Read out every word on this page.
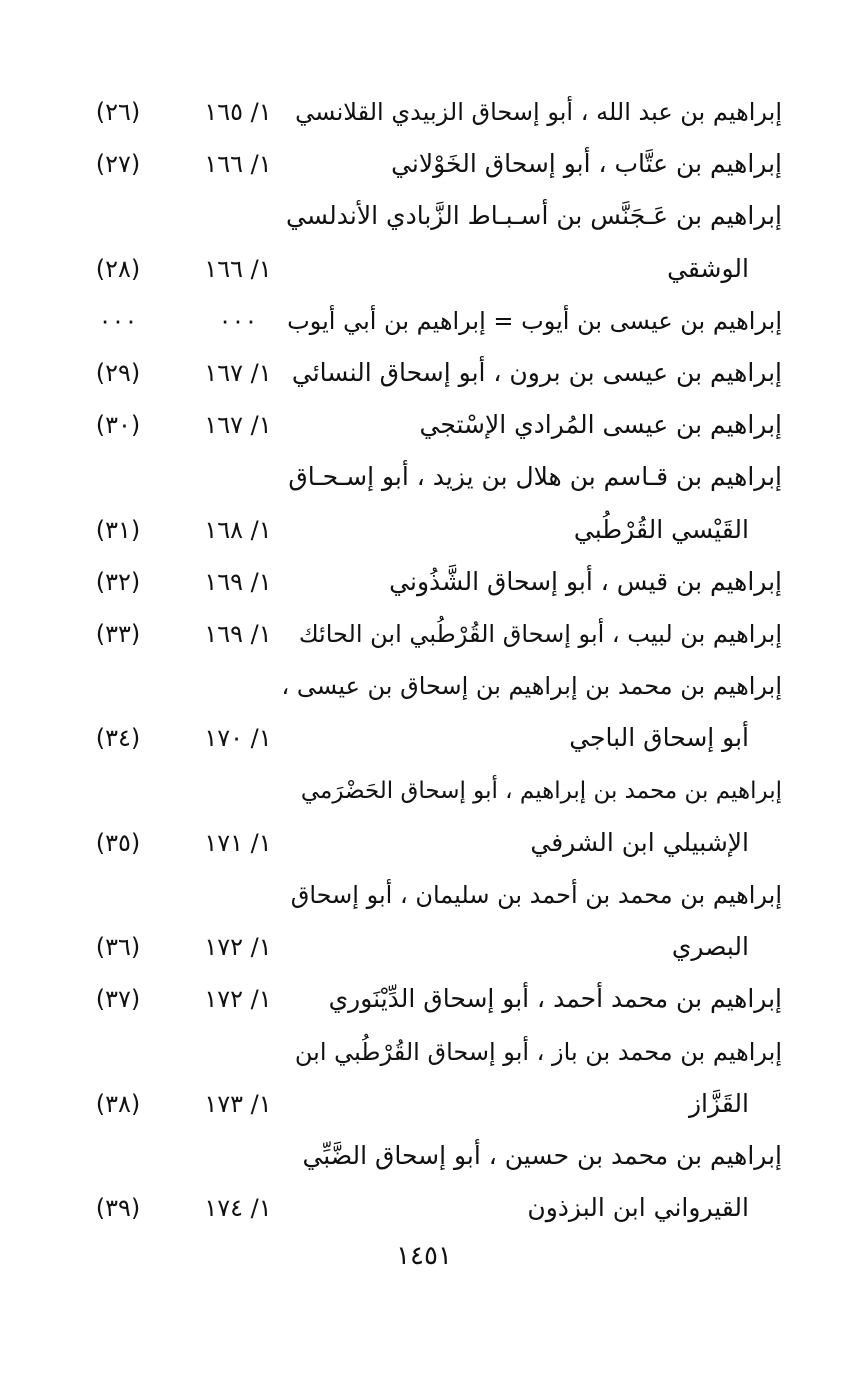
إبراهيم بن عبد الله ، أبو إسحاق الزبيدي القلانسي
١/ ١٦٥
(٢٦)
إبراهيم بن عتَّاب ، أبو إسحاق الخَوْلاني
١/ ١٦٦
(٢٧)
إبراهيم بن عَـجَنَّس بن أسـبـاط الزَّبادي الأندلسي
الوشقي
١/ ١٦٦
(٢٨)
إبراهيم بن عيسى بن أيوب = إبراهيم بن أبي أيوب
٠٠٠
٠٠٠
إبراهيم بن عيسى بن برون ، أبو إسحاق النسائي
١/ ١٦٧
(٢٩)
إبراهيم بن عيسى المُرادي الإسْتجي
١/ ١٦٧
(٣٠)
إبراهيم بن قـاسم بن هلال بن يزيد ، أبو إسـحـاق
القَيْسي القُرْطُبي
١/ ١٦٨
(٣١)
إبراهيم بن قيس ، أبو إسحاق الشَّذُوني
١/ ١٦٩
(٣٢)
إبراهيم بن لبيب ، أبو إسحاق القُرْطُبي ابن الحائك
١/ ١٦٩
(٣٣)
إبراهيم بن محمد بن إبراهيم بن إسحاق بن عيسى ،
أبو إسحاق الباجي
١/ ١٧٠
(٣٤)
إبراهيم بن محمد بن إبراهيم ، أبو إسحاق الحَضْرَمي
الإشبيلي ابن الشرفي
١/ ١٧١
(٣٥)
إبراهيم بن محمد بن أحمد بن سليمان ، أبو إسحاق
البصري
١/ ١٧٢
(٣٦)
إبراهيم بن محمد أحمد ، أبو إسحاق الدِّيْنَوري
١/ ١٧٢
(٣٧)
إبراهيم بن محمد بن باز ، أبو إسحاق القُرْطُبي ابن
القَزَّاز
١/ ١٧٣
(٣٨)
إبراهيم بن محمد بن حسين ، أبو إسحاق الضَّبِّي
القيرواني ابن البزذون
١/ ١٧٤
(٣٩)
١٤٥١
